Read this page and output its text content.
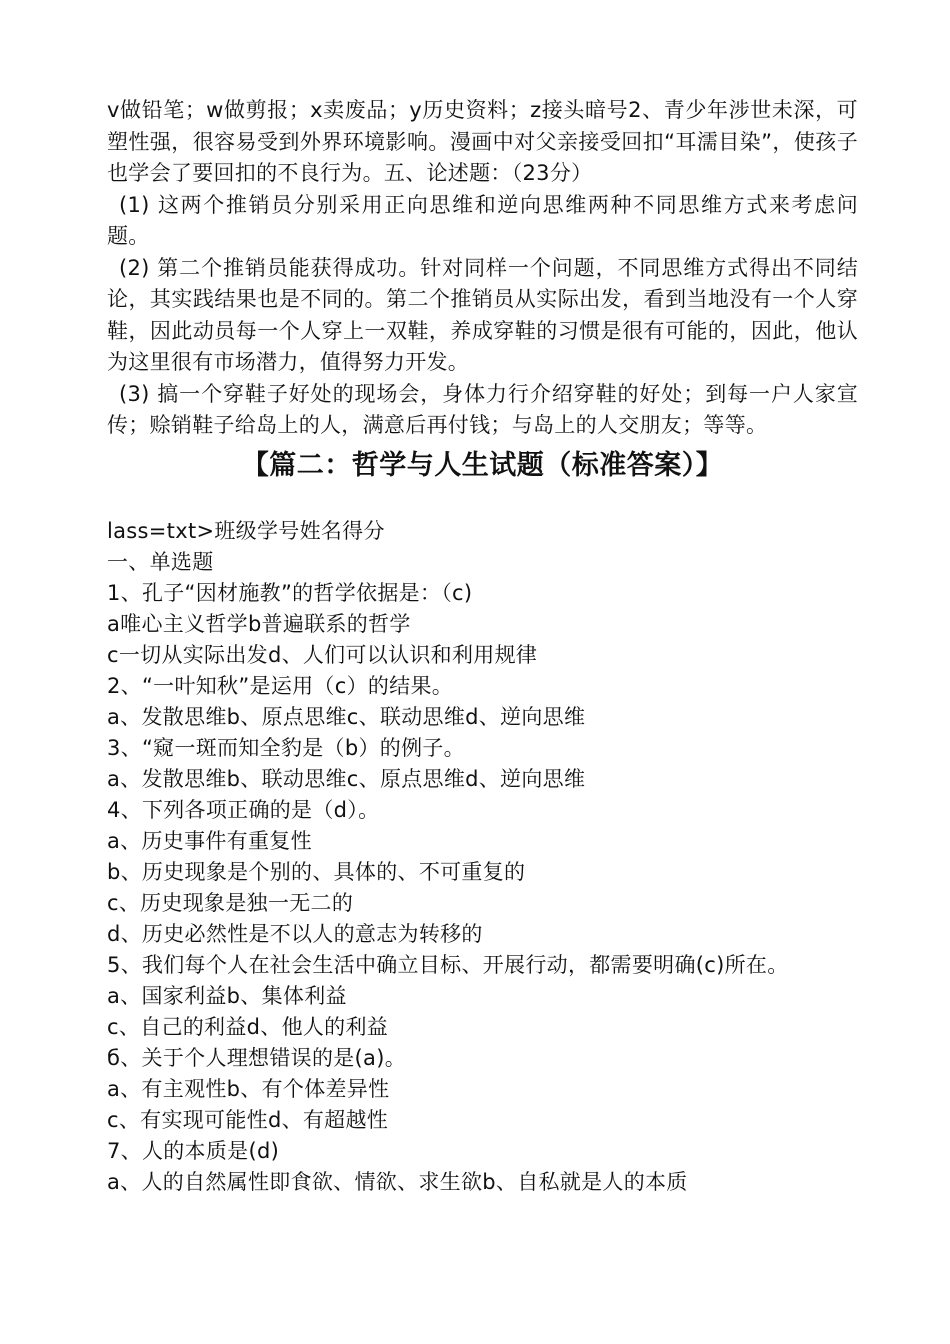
v做铅笔；w做剪报；x卖废品；y历史资料；z接头暗号2、青少年涉世未深，可塑性强，很容易受到外界环境影响。漫画中对父亲接受回扣“耳濡目染”，使孩子也学会了要回扣的不良行为。五、论述题：（23分）

(1) 这两个推销员分别采用正向思维和逆向思维两种不同思维方式来考虑问题。

(2) 第二个推销员能获得成功。针对同样一个问题，不同思维方式得出不同结论，其实践结果也是不同的。第二个推销员从实际出发，看到当地没有一个人穿鞋，因此动员每一个人穿上一双鞋，养成穿鞋的习惯是很有可能的，因此，他认为这里很有市场潜力，值得努力开发。

(3) 搞一个穿鞋子好处的现场会，身体力行介绍穿鞋的好处；到每一户人家宣传；赊销鞋子给岛上的人，满意后再付钱；与岛上的人交朋友；等等。

【篇二：哲学与人生试题（标准答案）】

lass=txt>班级学号姓名得分

一、单选题

1、孔子“因材施教”的哲学依据是：（c)

a唯心主义哲学b普遍联系的哲学

c一切从实际出发d、人们可以认识和利用规律

2、“一叶知秋”是运用（c）的结果。

a、发散思维b、原点思维c、联动思维d、逆向思维

3、“窥一斑而知全豹是（b）的例子。

a、发散思维b、联动思维c、原点思维d、逆向思维

4、下列各项正确的是（d）。

a、历史事件有重复性

b、历史现象是个别的、具体的、不可重复的

c、历史现象是独一无二的

d、历史必然性是不以人的意志为转移的

5、我们每个人在社会生活中确立目标、开展行动，都需要明确(c)所在。

a、国家利益b、集体利益

c、自己的利益d、他人的利益

б、关于个人理想错误的是(a)。

a、有主观性b、有个体差异性

c、有实现可能性d、有超越性

7、人的本质是(d)

a、人的自然属性即食欲、情欲、求生欲b、自私就是人的本质
